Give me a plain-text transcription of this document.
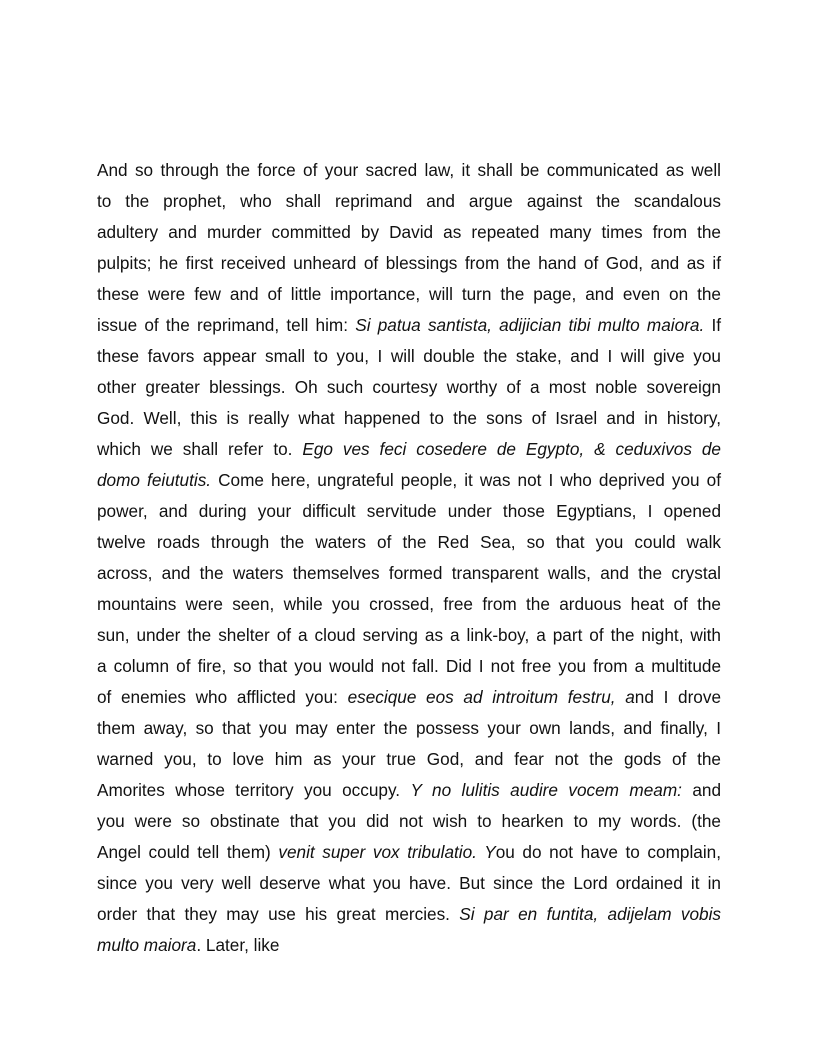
And so through the force of your sacred law, it shall be communicated as well
to the prophet, who shall reprimand and argue against the scandalous
adultery and murder committed by David as repeated many times from the
pulpits; he first received unheard of blessings from the hand of God, and as if
these were few and of little importance, will turn the page, and even on the
issue of the reprimand, tell him: Si patua santista, adijician tibi multo maiora. If
these favors appear small to you, I will double the stake, and I will give you
other greater blessings. Oh such courtesy worthy of a most noble sovereign
God. Well, this is really what happened to the sons of Israel and in history,
which we shall refer to. Ego ves feci cosedere de Egypto, & ceduxivos de
domo feiututis. Come here, ungrateful people, it was not I who deprived you of
power, and during your difficult servitude under those Egyptians, I opened
twelve roads through the waters of the Red Sea, so that you could walk
across, and the waters themselves formed transparent walls, and the crystal
mountains were seen, while you crossed, free from the arduous heat of the
sun, under the shelter of a cloud serving as a link-boy, a part of the night, with
a column of fire, so that you would not fall. Did I not free you from a multitude
of enemies who afflicted you: esecique eos ad introitum festru, and I drove
them away, so that you may enter the possess your own lands, and finally, I
warned you, to love him as your true God, and fear not the gods of the
Amorites whose territory you occupy. Y no lulitis audire vocem meam: and
you were so obstinate that you did not wish to hearken to my words. (the
Angel could tell them) venit super vox tribulatio. You do not have to complain,
since you very well deserve what you have. But since the Lord ordained it in
order that they may use his great mercies. Si par en funtita, adijelam vobis
multo maiora. Later, like
